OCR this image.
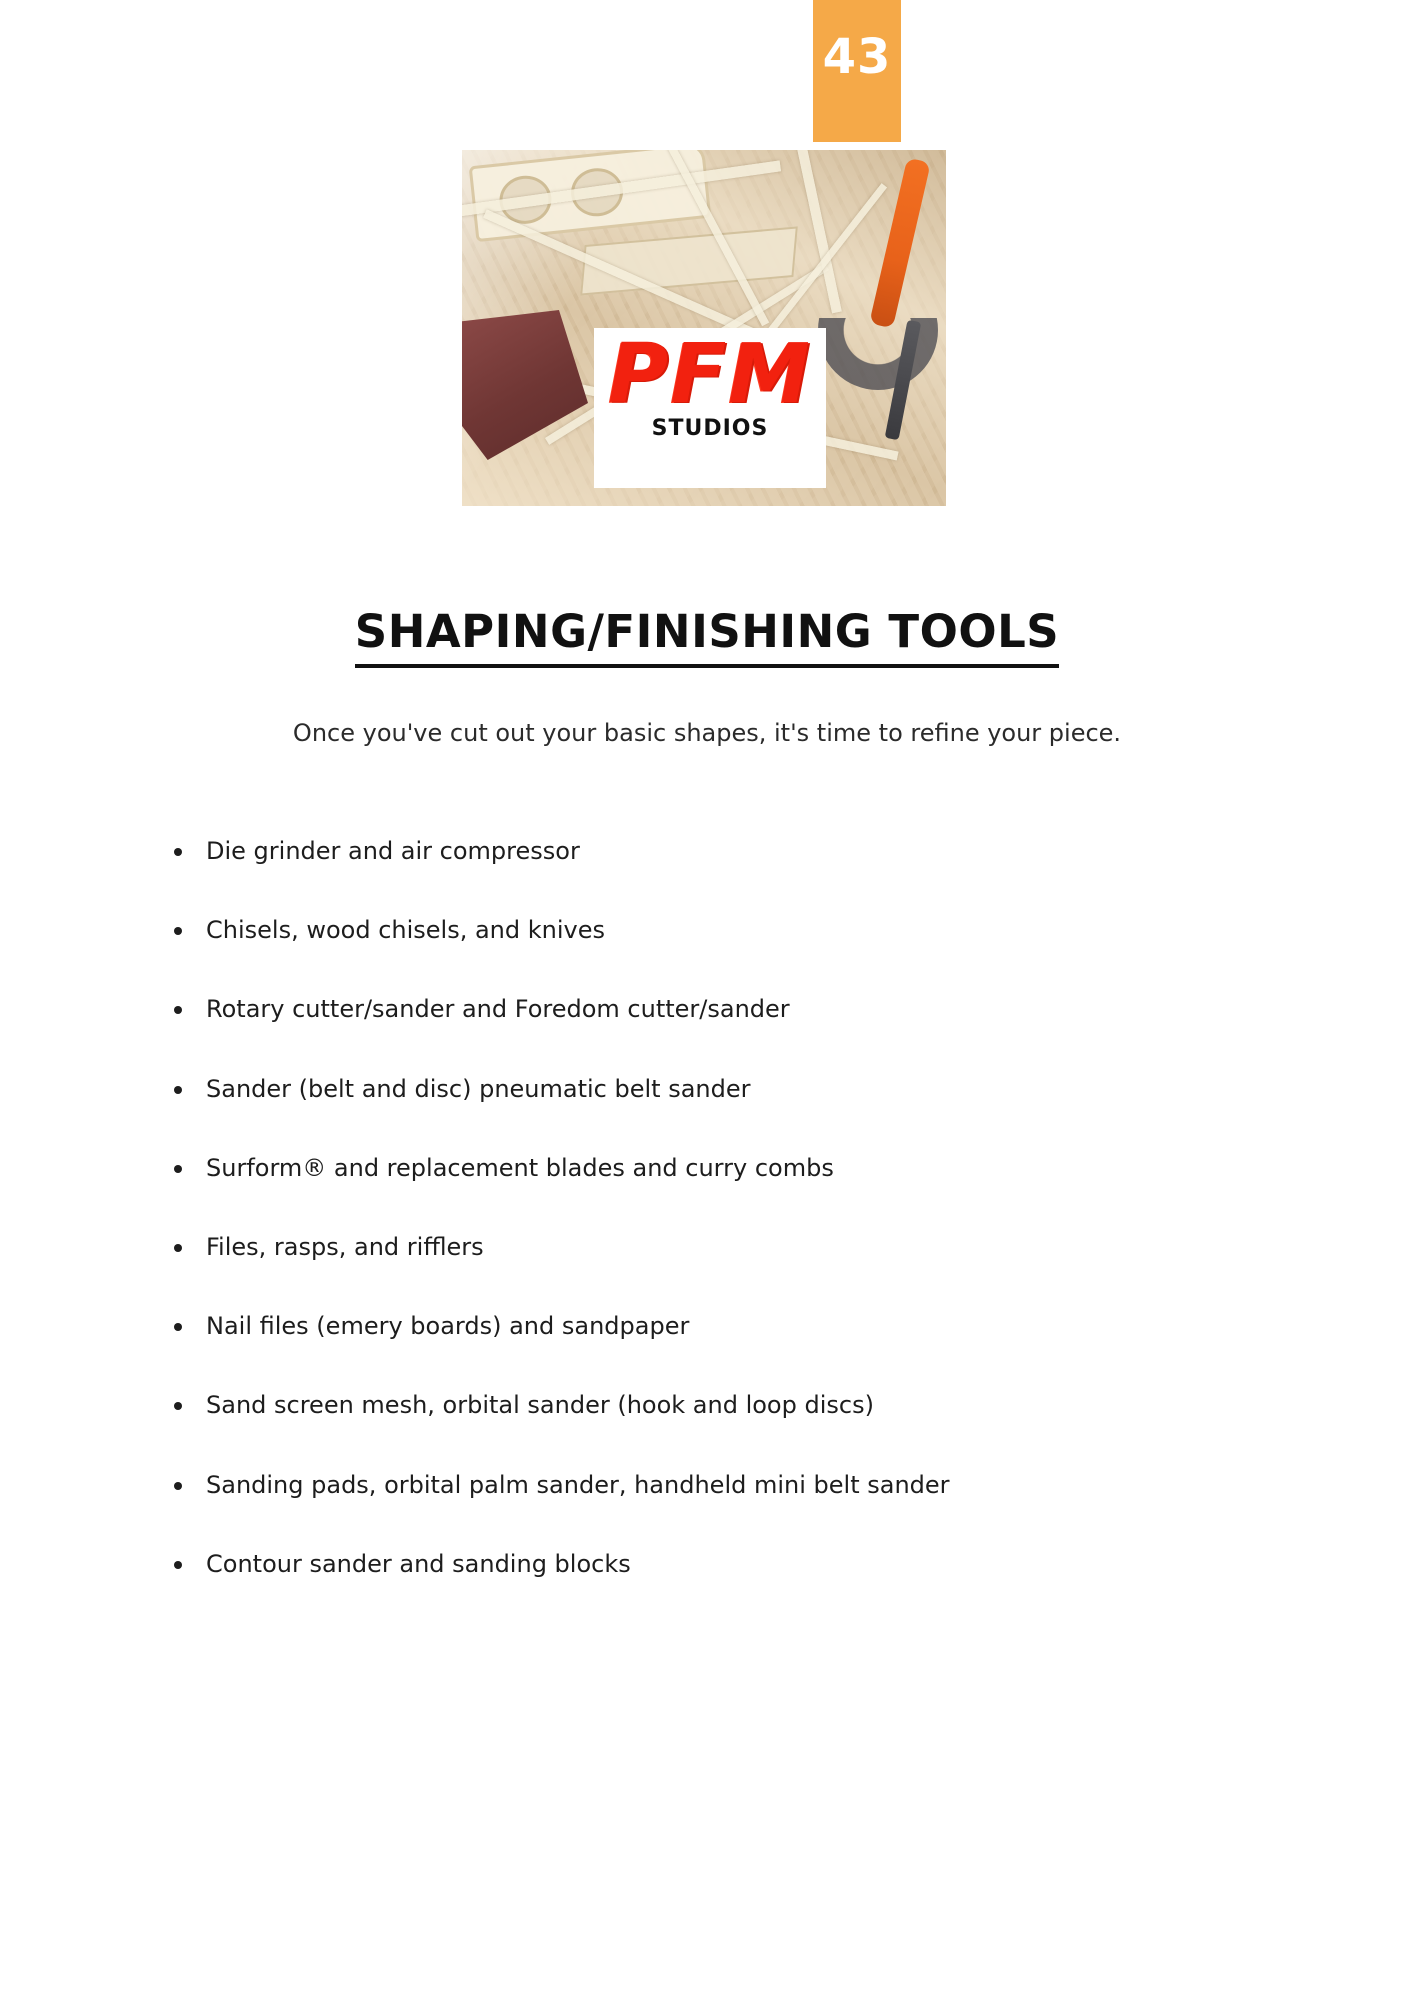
43
PFM
STUDIOS
SHAPING/FINISHING TOOLS
Once you've cut out your basic shapes, it's time to refine your piece.
Die grinder and air compressor
Chisels, wood chisels, and knives
Rotary cutter/sander and Foredom cutter/sander
Sander (belt and disc) pneumatic belt sander
Surform® and replacement blades and curry combs
Files, rasps, and rifflers
Nail files (emery boards) and sandpaper
Sand screen mesh, orbital sander (hook and loop discs)
Sanding pads, orbital palm sander, handheld mini belt sander
Contour sander and sanding blocks
